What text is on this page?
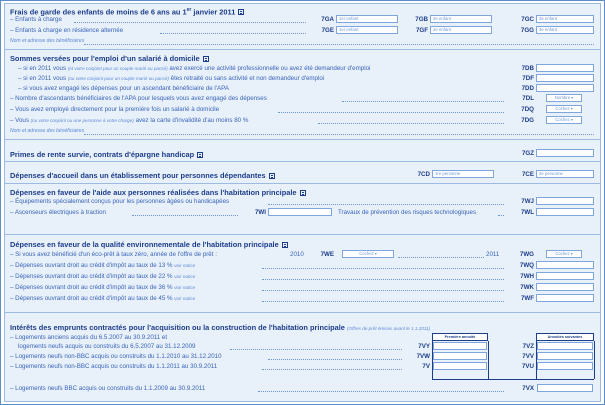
Frais de garde des enfants de moins de 6 ans au 1er janvier 2011
– Enfants à charge	7GA	1er enfant	7GB	2e enfant	7GC	3e enfant
– Enfants à charge en résidence alternée	7GE	1er enfant	7GF	2e enfant	7GG	3e enfant
Nom et adresse des bénéficiaires
Sommes versées pour l'emploi d'un salarié à domicile
– si en 2011 vous (et votre conjoint pour un couple marié ou pacsé) avez exercé une activité professionnelle ou avez été demandeur d'emploi	7DB
– si en 2011 vous (ou votre conjoint pour un couple marié ou pacsé) êtes retraité ou sans activité et non demandeur d'emploi	7DF
– si vous avez engagé les dépenses pour un ascendant bénéficiaire de l'APA	7DD
– Nombre d'ascendants bénéficiaires de l'APA pour lesquels vous avez engagé des dépenses	7DL	Nombre ▾
– Vous avez employé directement pour la première fois un salarié à domicile	7DQ	Cochez ▾
– Vous (ou votre conjoint ou une personne à votre charge) avez la carte d'invalidité d'au moins 80 %	7DG	Cochez ▾
Nom et adresse des bénéficiaires
Primes de rente survie, contrats d'épargne handicap	7GZ
Dépenses d'accueil dans un établissement pour personnes dépendantes	7CD	1re personne	7CE	2e personne
Dépenses en faveur de l'aide aux personnes réalisées dans l'habitation principale
– Équipements spécialement conçus pour les personnes âgées ou handicapées	7WJ
– Ascenseurs électriques à traction	7WI	Travaux de prévention des risques technologiques	7WL
Dépenses en faveur de la qualité environnementale de l'habitation principale
– Si vous avez bénéficié d'un éco-prêt à taux zéro, année de l'offre de prêt :	2010	7WE	Cochez ▾	2011	7WG	Cochez ▾
– Dépenses ouvrant droit au crédit d'impôt au taux de 13 % voir notice	7WQ
– Dépenses ouvrant droit au crédit d'impôt au taux de 22 % voir notice	7WH
– Dépenses ouvrant droit au crédit d'impôt au taux de 36 % voir notice	7WK
– Dépenses ouvrant droit au crédit d'impôt au taux de 45 % voir notice	7WF
Intérêts des emprunts contractés pour l'acquisition ou la construction de l'habitation principale (Offres de prêt émises avant le 1.1.2011)
Première annuité	Annuités suivantes
– Logements anciens acquis du 6.5.2007 au 30.9.2011 et
logements neufs acquis ou construits du 6.5.2007 au 31.12.2009	7VY	7VZ
– Logements neufs non-BBC acquis ou construits du 1.1.2010 au 31.12.2010	7VW	7VV
– Logements neufs non-BBC acquis ou construits du 1.1.2011 au 30.9.2011	7V	7VU
– Logements neufs BBC acquis ou construits du 1.1.2009 au 30.9.2011	7VX
